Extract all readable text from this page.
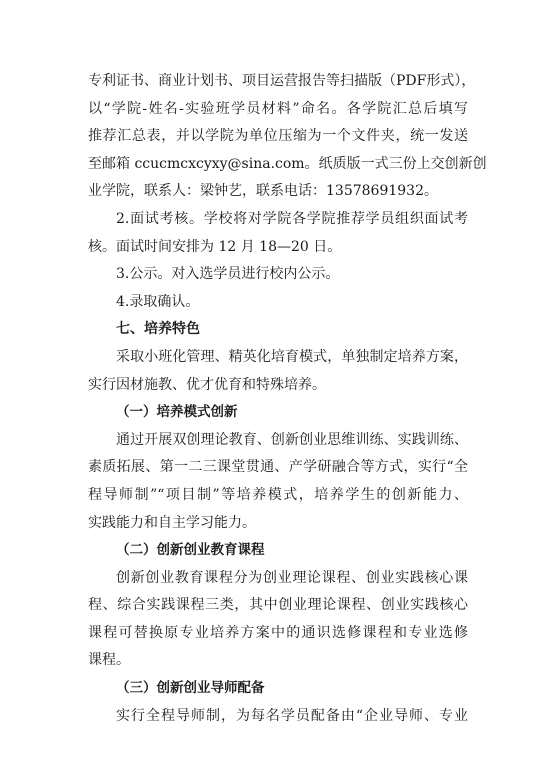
专利证书、商业计划书、项目运营报告等扫描版（PDF形式），
以“学院-姓名-实验班学员材料”命名。各学院汇总后填写
推荐汇总表，并以学院为单位压缩为一个文件夹，统一发送
至邮箱 ccucmcxcyxy@sina.com。纸质版一式三份上交创新创
业学院，联系人：梁钟艺，联系电话：13578691932。
2.面试考核。学校将对学院各学院推荐学员组织面试考
核。面试时间安排为 12 月 18—20 日。
3.公示。对入选学员进行校内公示。
4.录取确认。
七、培养特色
采取小班化管理、精英化培育模式，单独制定培养方案，
实行因材施教、优才优育和特殊培养。
（一）培养模式创新
通过开展双创理论教育、创新创业思维训练、实践训练、
素质拓展、第一二三课堂贯通、产学研融合等方式，实行“全
程导师制”“项目制”等培养模式，培养学生的创新能力、
实践能力和自主学习能力。
（二）创新创业教育课程
创新创业教育课程分为创业理论课程、创业实践核心课
程、综合实践课程三类，其中创业理论课程、创业实践核心
课程可替换原专业培养方案中的通识选修课程和专业选修
课程。
（三）创新创业导师配备
实行全程导师制，为每名学员配备由“企业导师、专业
